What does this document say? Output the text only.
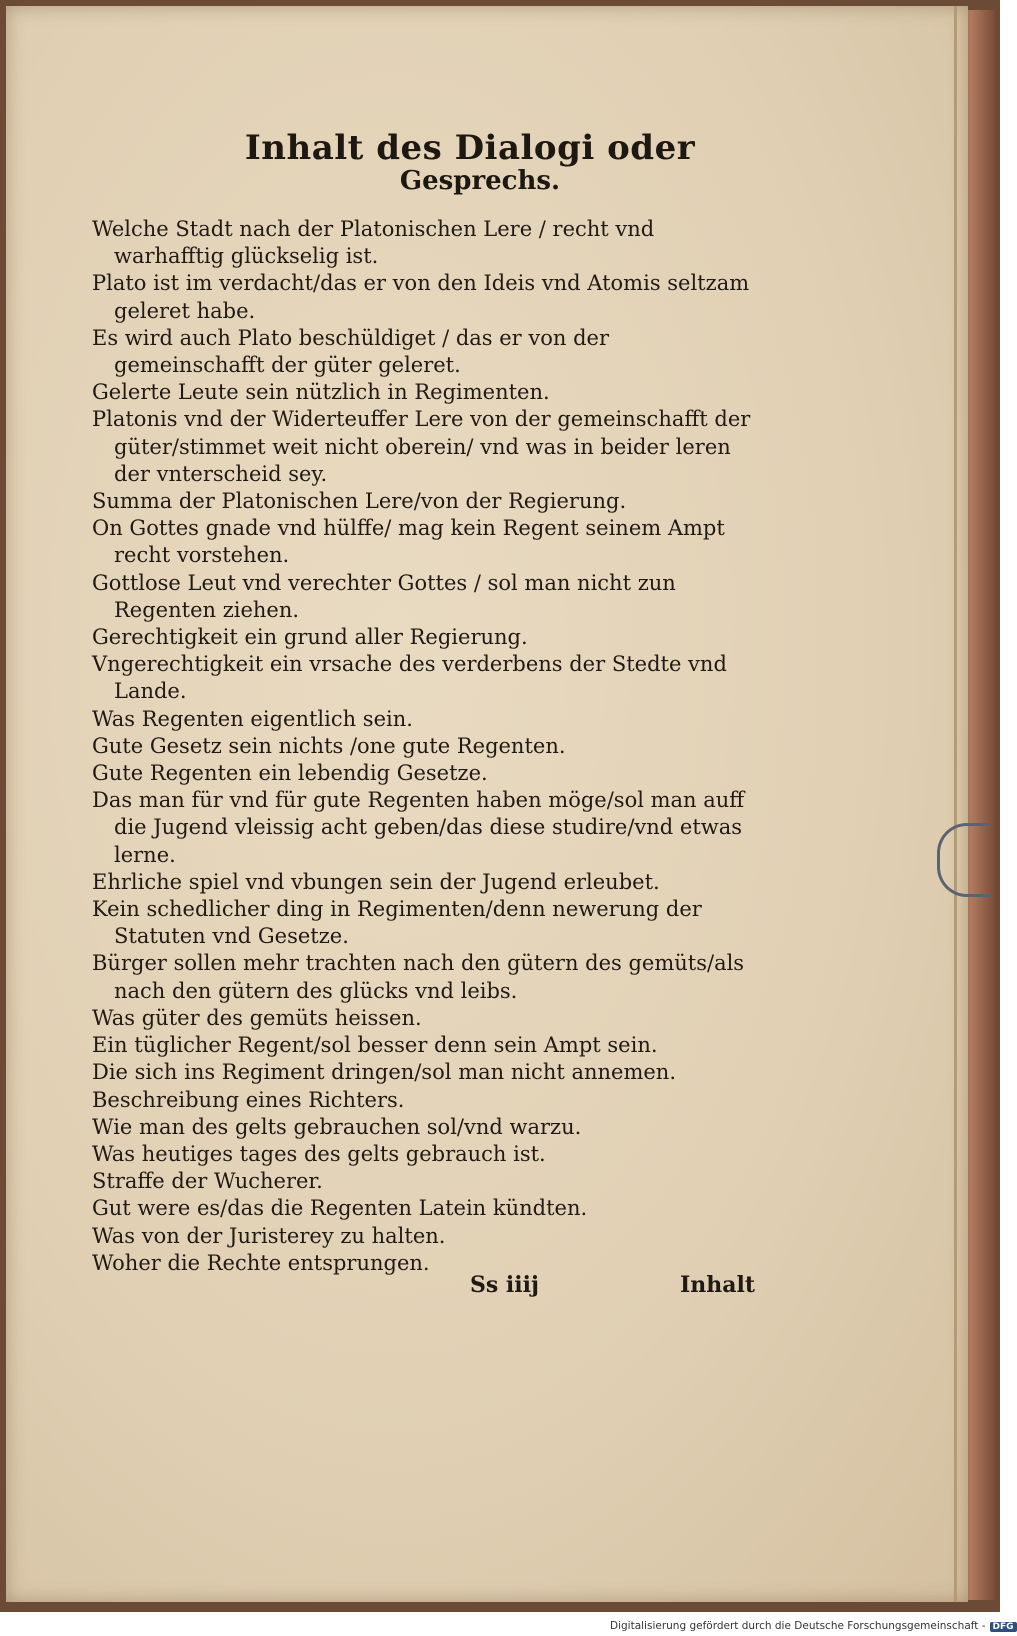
Inhalt des Dialogi oder
Gesprechs.
Welche Stadt nach der Platonischen Lere / recht vnd warhafftig glückselig ist.
Plato ist im verdacht/das er von den Ideis vnd Atomis seltzam geleret habe.
Es wird auch Plato beschüldiget / das er von der gemeinschafft der güter geleret.
Gelerte Leute sein nützlich in Regimenten.
Platonis vnd der Widerteuffer Lere von der gemeinschafft der güter/stimmet weit nicht oberein/ vnd was in beider leren der vnterscheid sey.
Summa der Platonischen Lere/von der Regierung.
On Gottes gnade vnd hülffe/ mag kein Regent seinem Ampt recht vorstehen.
Gottlose Leut vnd verechter Gottes / sol man nicht zun Regenten ziehen.
Gerechtigkeit ein grund aller Regierung.
Vngerechtigkeit ein vrsache des verderbens der Stedte vnd Lande.
Was Regenten eigentlich sein.
Gute Gesetz sein nichts /one gute Regenten.
Gute Regenten ein lebendig Gesetze.
Das man für vnd für gute Regenten haben möge/sol man auff die Jugend vleissig acht geben/das diese studire/vnd etwas lerne.
Ehrliche spiel vnd vbungen sein der Jugend erleubet.
Kein schedlicher ding in Regimenten/denn newerung der Statuten vnd Gesetze.
Bürger sollen mehr trachten nach den gütern des gemüts/als nach den gütern des glücks vnd leibs.
Was güter des gemüts heissen.
Ein tüglicher Regent/sol besser denn sein Ampt sein.
Die sich ins Regiment dringen/sol man nicht annemen.
Beschreibung eines Richters.
Wie man des gelts gebrauchen sol/vnd warzu.
Was heutiges tages des gelts gebrauch ist.
Straffe der Wucherer.
Gut were es/das die Regenten Latein kündten.
Was von der Juristerey zu halten.
Woher die Rechte entsprungen.
Ss iiij	Inhalt
Digitalisierung gefördert durch die Deutsche Forschungsgemeinschaft - DFG
